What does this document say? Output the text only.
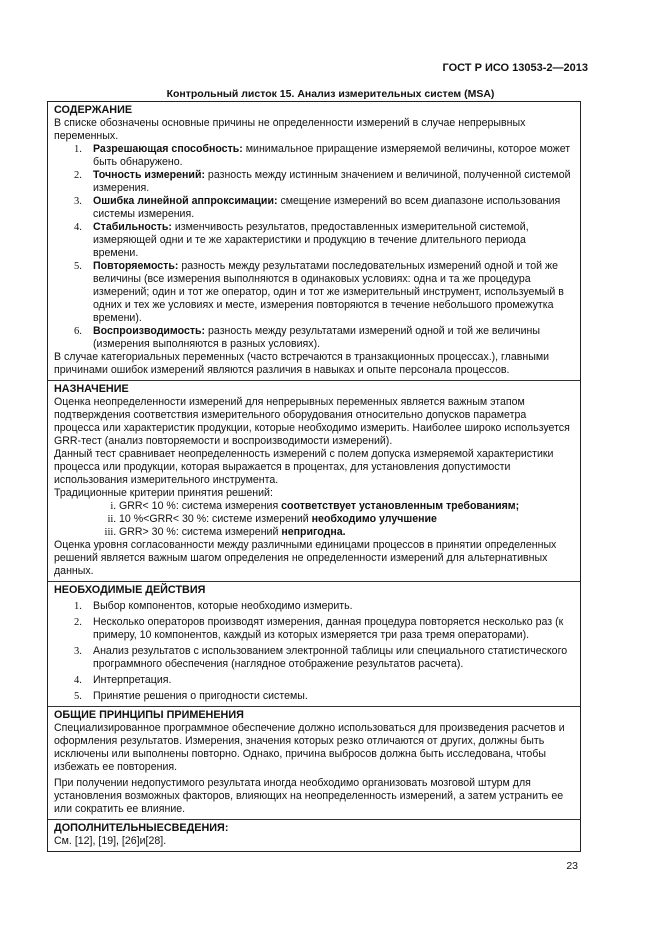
ГОСТ Р ИСО 13053-2—2013
Контрольный листок 15. Анализ измерительных систем (MSA)
СОДЕРЖАНИЕ
В списке обозначены основные причины не определенности измерений в случае непрерывных переменных.
1. Разрешающая способность: минимальное приращение измеряемой величины, которое может быть обнаружено.
2. Точность измерений: разность между истинным значением и величиной, полученной системой измерения.
3. Ошибка линейной аппроксимации: смещение измерений во всем диапазоне использования системы измерения.
4. Стабильность: изменчивость результатов, предоставленных измерительной системой, измеряющей одни и те же характеристики и продукцию в течение длительного периода времени.
5. Повторяемость: разность между результатами последовательных измерений одной и той же величины (все измерения выполняются в одинаковых условиях: одна и та же процедура измерений; один и тот же оператор, один и тот же измерительный инструмент, используемый в одних и тех же условиях и месте, измерения повторяются в течение небольшого промежутка времени).
6. Воспроизводимость: разность между результатами измерений одной и той же величины (измерения выполняются в разных условиях).
В случае категориальных переменных (часто встречаются в транзакционных процессах.), главными причинами ошибок измерений являются различия в навыках и опыте персонала процессов.
НАЗНАЧЕНИЕ
Оценка неопределенности измерений для непрерывных переменных является важным этапом подтверждения соответствия измерительного оборудования относительно допусков параметра процесса или характеристик продукции, которые необходимо измерить. Наиболее широко используется GRR-тест (анализ повторяемости и воспроизводимости измерений).
Данный тест сравнивает неопределенность измерений с полем допуска измеряемой характеристики процесса или продукции, которая выражается в процентах, для установления допустимости использования измерительного инструмента.
Традиционные критерии принятия решений:
i. GRR< 10 %: система измерения соответствует установленным требованиям;
ii. 10 %<GRR< 30 %: системе измерений необходимо улучшение
iii. GRR> 30 %: система измерений непригодна.
Оценка уровня согласованности между различными единицами процессов в принятии определенных решений является важным шагом определения не определенности измерений для альтернативных данных.
НЕОБХОДИМЫЕ ДЕЙСТВИЯ
1. Выбор компонентов, которые необходимо измерить.
2. Несколько операторов производят измерения, данная процедура повторяется несколько раз (к примеру, 10 компонентов, каждый из которых измеряется три раза тремя операторами).
3. Анализ результатов с использованием электронной таблицы или специального статистического программного обеспечения (наглядное отображение результатов расчета).
4. Интерпретация.
5. Принятие решения о пригодности системы.
ОБЩИЕ ПРИНЦИПЫ ПРИМЕНЕНИЯ
Специализированное программное обеспечение должно использоваться для произведения расчетов и оформления результатов. Измерения, значения которых резко отличаются от других, должны быть исключены или выполнены повторно. Однако, причина выбросов должна быть исследована, чтобы избежать ее повторения.
При получении недопустимого результата иногда необходимо организовать мозговой штурм для установления возможных факторов, влияющих на неопределенность измерений, а затем устранить ее или сократить ее влияние.
ДОПОЛНИТЕЛЬНЫЕСВЕДЕНИЯ:
См. [12], [19], [26]и[28].
23
